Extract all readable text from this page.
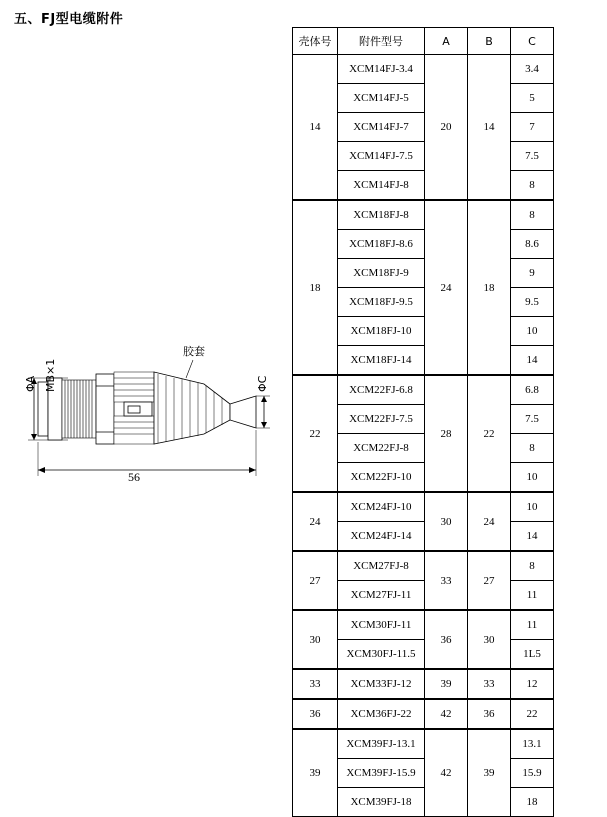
五、FJ型电缆附件
胶套
56
ΦA MB×1	ΦC
壳体号	附件型号	A	B	C
14	XCM14FJ-3.4	20	14	3.4
	XCM14FJ-5			5
	XCM14FJ-7			7
	XCM14FJ-7.5			7.5
	XCM14FJ-8			8
18	XCM18FJ-8	24	18	8
	XCM18FJ-8.6			8.6
	XCM18FJ-9			9
	XCM18FJ-9.5			9.5
	XCM18FJ-10			10
	XCM18FJ-14			14
22	XCM22FJ-6.8	28	22	6.8
	XCM22FJ-7.5			7.5
	XCM22FJ-8			8
	XCM22FJ-10			10
24	XCM24FJ-10	30	24	10
	XCM24FJ-14			14
27	XCM27FJ-8	33	27	8
	XCM27FJ-11			11
30	XCM30FJ-11	36	30	11
	XCM30FJ-11.5			1L5
33	XCM33FJ-12	39	33	12
36	XCM36FJ-22	42	36	22
39	XCM39FJ-13.1	42	39	13.1
	XCM39FJ-15.9			15.9
	XCM39FJ-18			18
